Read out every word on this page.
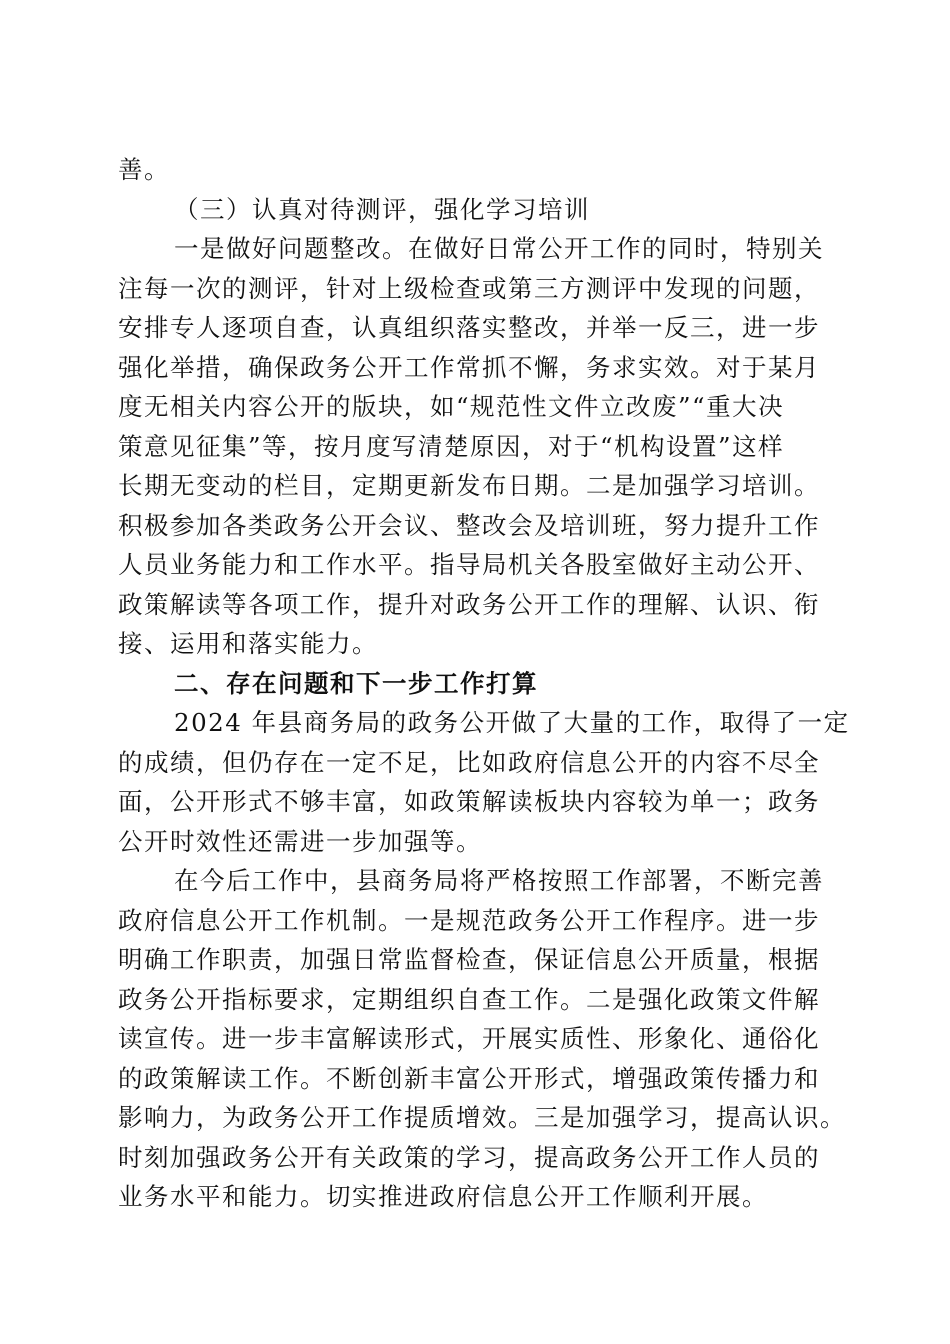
善。
（三）认真对待测评，强化学习培训
一是做好问题整改。在做好日常公开工作的同时，特别关
注每一次的测评，针对上级检查或第三方测评中发现的问题，
安排专人逐项自查，认真组织落实整改，并举一反三，进一步
强化举措，确保政务公开工作常抓不懈，务求实效。对于某月
度无相关内容公开的版块，如“规范性文件立改废”“重大决
策意见征集”等，按月度写清楚原因，对于“机构设置”这样
长期无变动的栏目，定期更新发布日期。二是加强学习培训。
积极参加各类政务公开会议、整改会及培训班，努力提升工作
人员业务能力和工作水平。指导局机关各股室做好主动公开、
政策解读等各项工作，提升对政务公开工作的理解、认识、衔
接、运用和落实能力。
二、存在问题和下一步工作打算
2024 年县商务局的政务公开做了大量的工作，取得了一定
的成绩，但仍存在一定不足，比如政府信息公开的内容不尽全
面，公开形式不够丰富，如政策解读板块内容较为单一；政务
公开时效性还需进一步加强等。
在今后工作中，县商务局将严格按照工作部署，不断完善
政府信息公开工作机制。一是规范政务公开工作程序。进一步
明确工作职责，加强日常监督检查，保证信息公开质量，根据
政务公开指标要求，定期组织自查工作。二是强化政策文件解
读宣传。进一步丰富解读形式，开展实质性、形象化、通俗化
的政策解读工作。不断创新丰富公开形式，增强政策传播力和
影响力，为政务公开工作提质增效。三是加强学习，提高认识。
时刻加强政务公开有关政策的学习，提高政务公开工作人员的
业务水平和能力。切实推进政府信息公开工作顺利开展。
